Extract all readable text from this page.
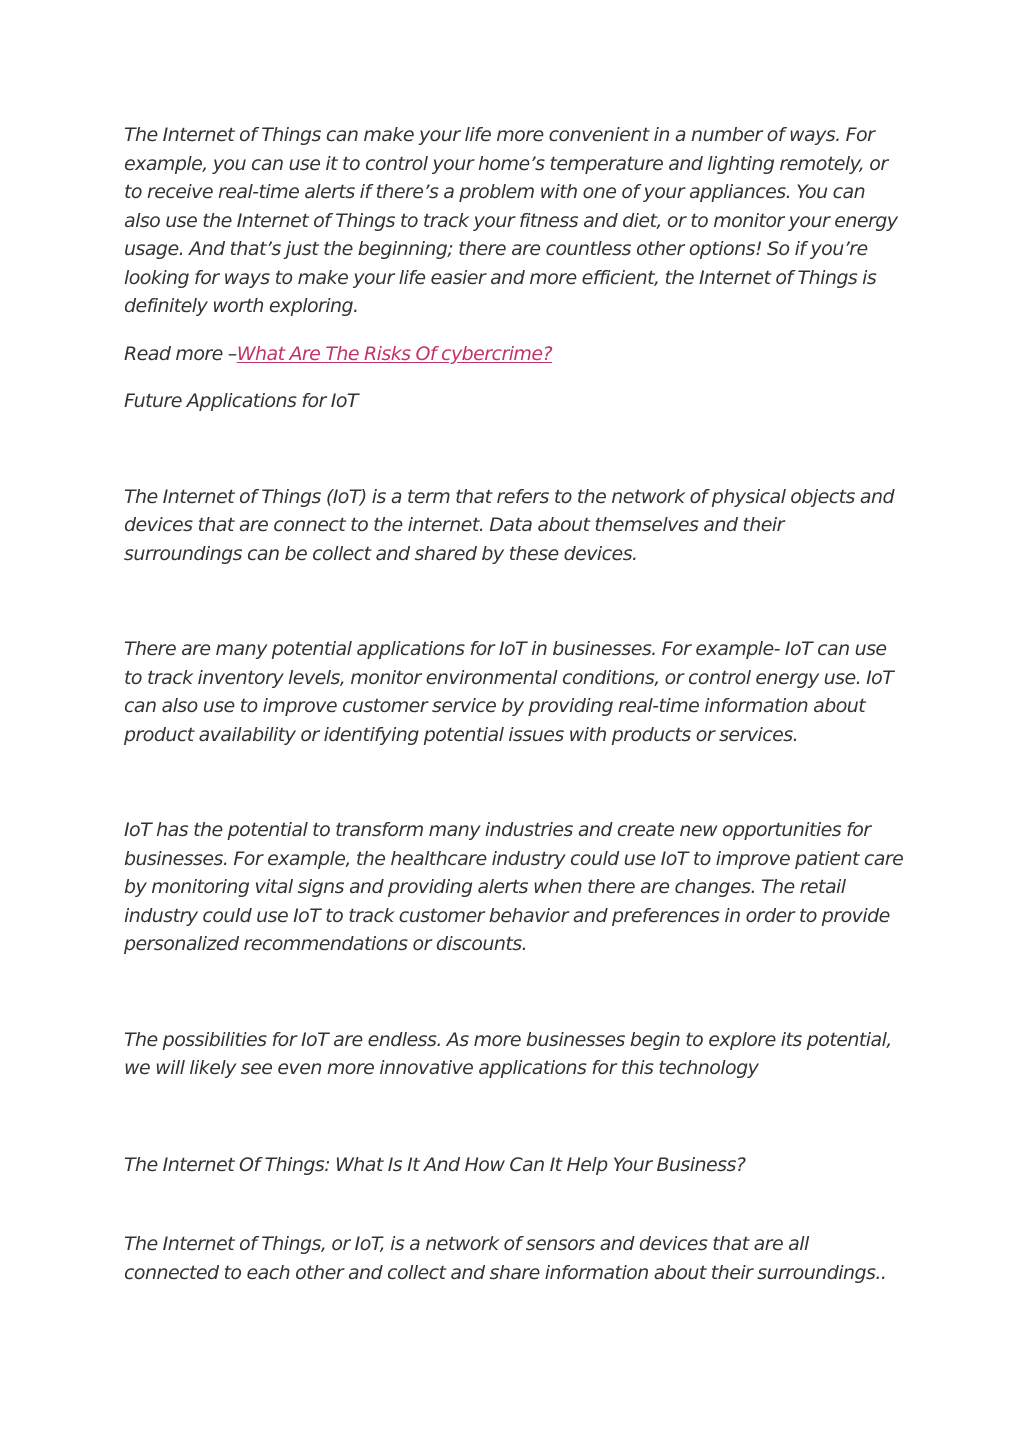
The Internet of Things can make your life more convenient in a number of ways. For example, you can use it to control your home’s temperature and lighting remotely, or to receive real-time alerts if there’s a problem with one of your appliances. You can also use the Internet of Things to track your fitness and diet, or to monitor your energy usage. And that’s just the beginning; there are countless other options! So if you’re looking for ways to make your life easier and more efficient, the Internet of Things is definitely worth exploring.

Read more –What Are The Risks Of cybercrime?

Future Applications for IoT

The Internet of Things (IoT) is a term that refers to the network of physical objects and devices that are connect to the internet. Data about themselves and their surroundings can be collect and shared by these devices.

There are many potential applications for IoT in businesses. For example- IoT can use to track inventory levels, monitor environmental conditions, or control energy use. IoT can also use to improve customer service by providing real-time information about product availability or identifying potential issues with products or services.

IoT has the potential to transform many industries and create new opportunities for businesses. For example, the healthcare industry could use IoT to improve patient care by monitoring vital signs and providing alerts when there are changes. The retail industry could use IoT to track customer behavior and preferences in order to provide personalized recommendations or discounts.

The possibilities for IoT are endless. As more businesses begin to explore its potential, we will likely see even more innovative applications for this technology

The Internet Of Things: What Is It And How Can It Help Your Business?

The Internet of Things, or IoT, is a network of sensors and devices that are all connected to each other and collect and share information about their surroundings..
